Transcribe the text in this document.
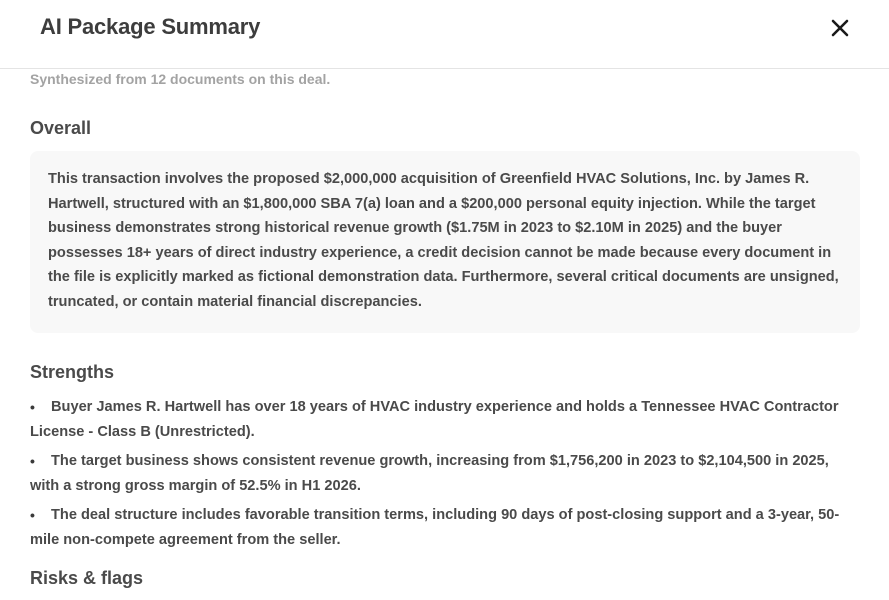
AI Package Summary

Synthesized from 12 documents on this deal.

Overall

This transaction involves the proposed $2,000,000 acquisition of Greenfield HVAC Solutions, Inc. by James R. Hartwell, structured with an $1,800,000 SBA 7(a) loan and a $200,000 personal equity injection. While the target business demonstrates strong historical revenue growth ($1.75M in 2023 to $2.10M in 2025) and the buyer possesses 18+ years of direct industry experience, a credit decision cannot be made because every document in the file is explicitly marked as fictional demonstration data. Furthermore, several critical documents are unsigned, truncated, or contain material financial discrepancies.

Strengths
• Buyer James R. Hartwell has over 18 years of HVAC industry experience and holds a Tennessee HVAC Contractor License - Class B (Unrestricted).
• The target business shows consistent revenue growth, increasing from $1,756,200 in 2023 to $2,104,500 in 2025, with a strong gross margin of 52.5% in H1 2026.
• The deal structure includes favorable transition terms, including 90 days of post-closing support and a 3-year, 50-mile non-compete agreement from the seller.
Risks & flags
